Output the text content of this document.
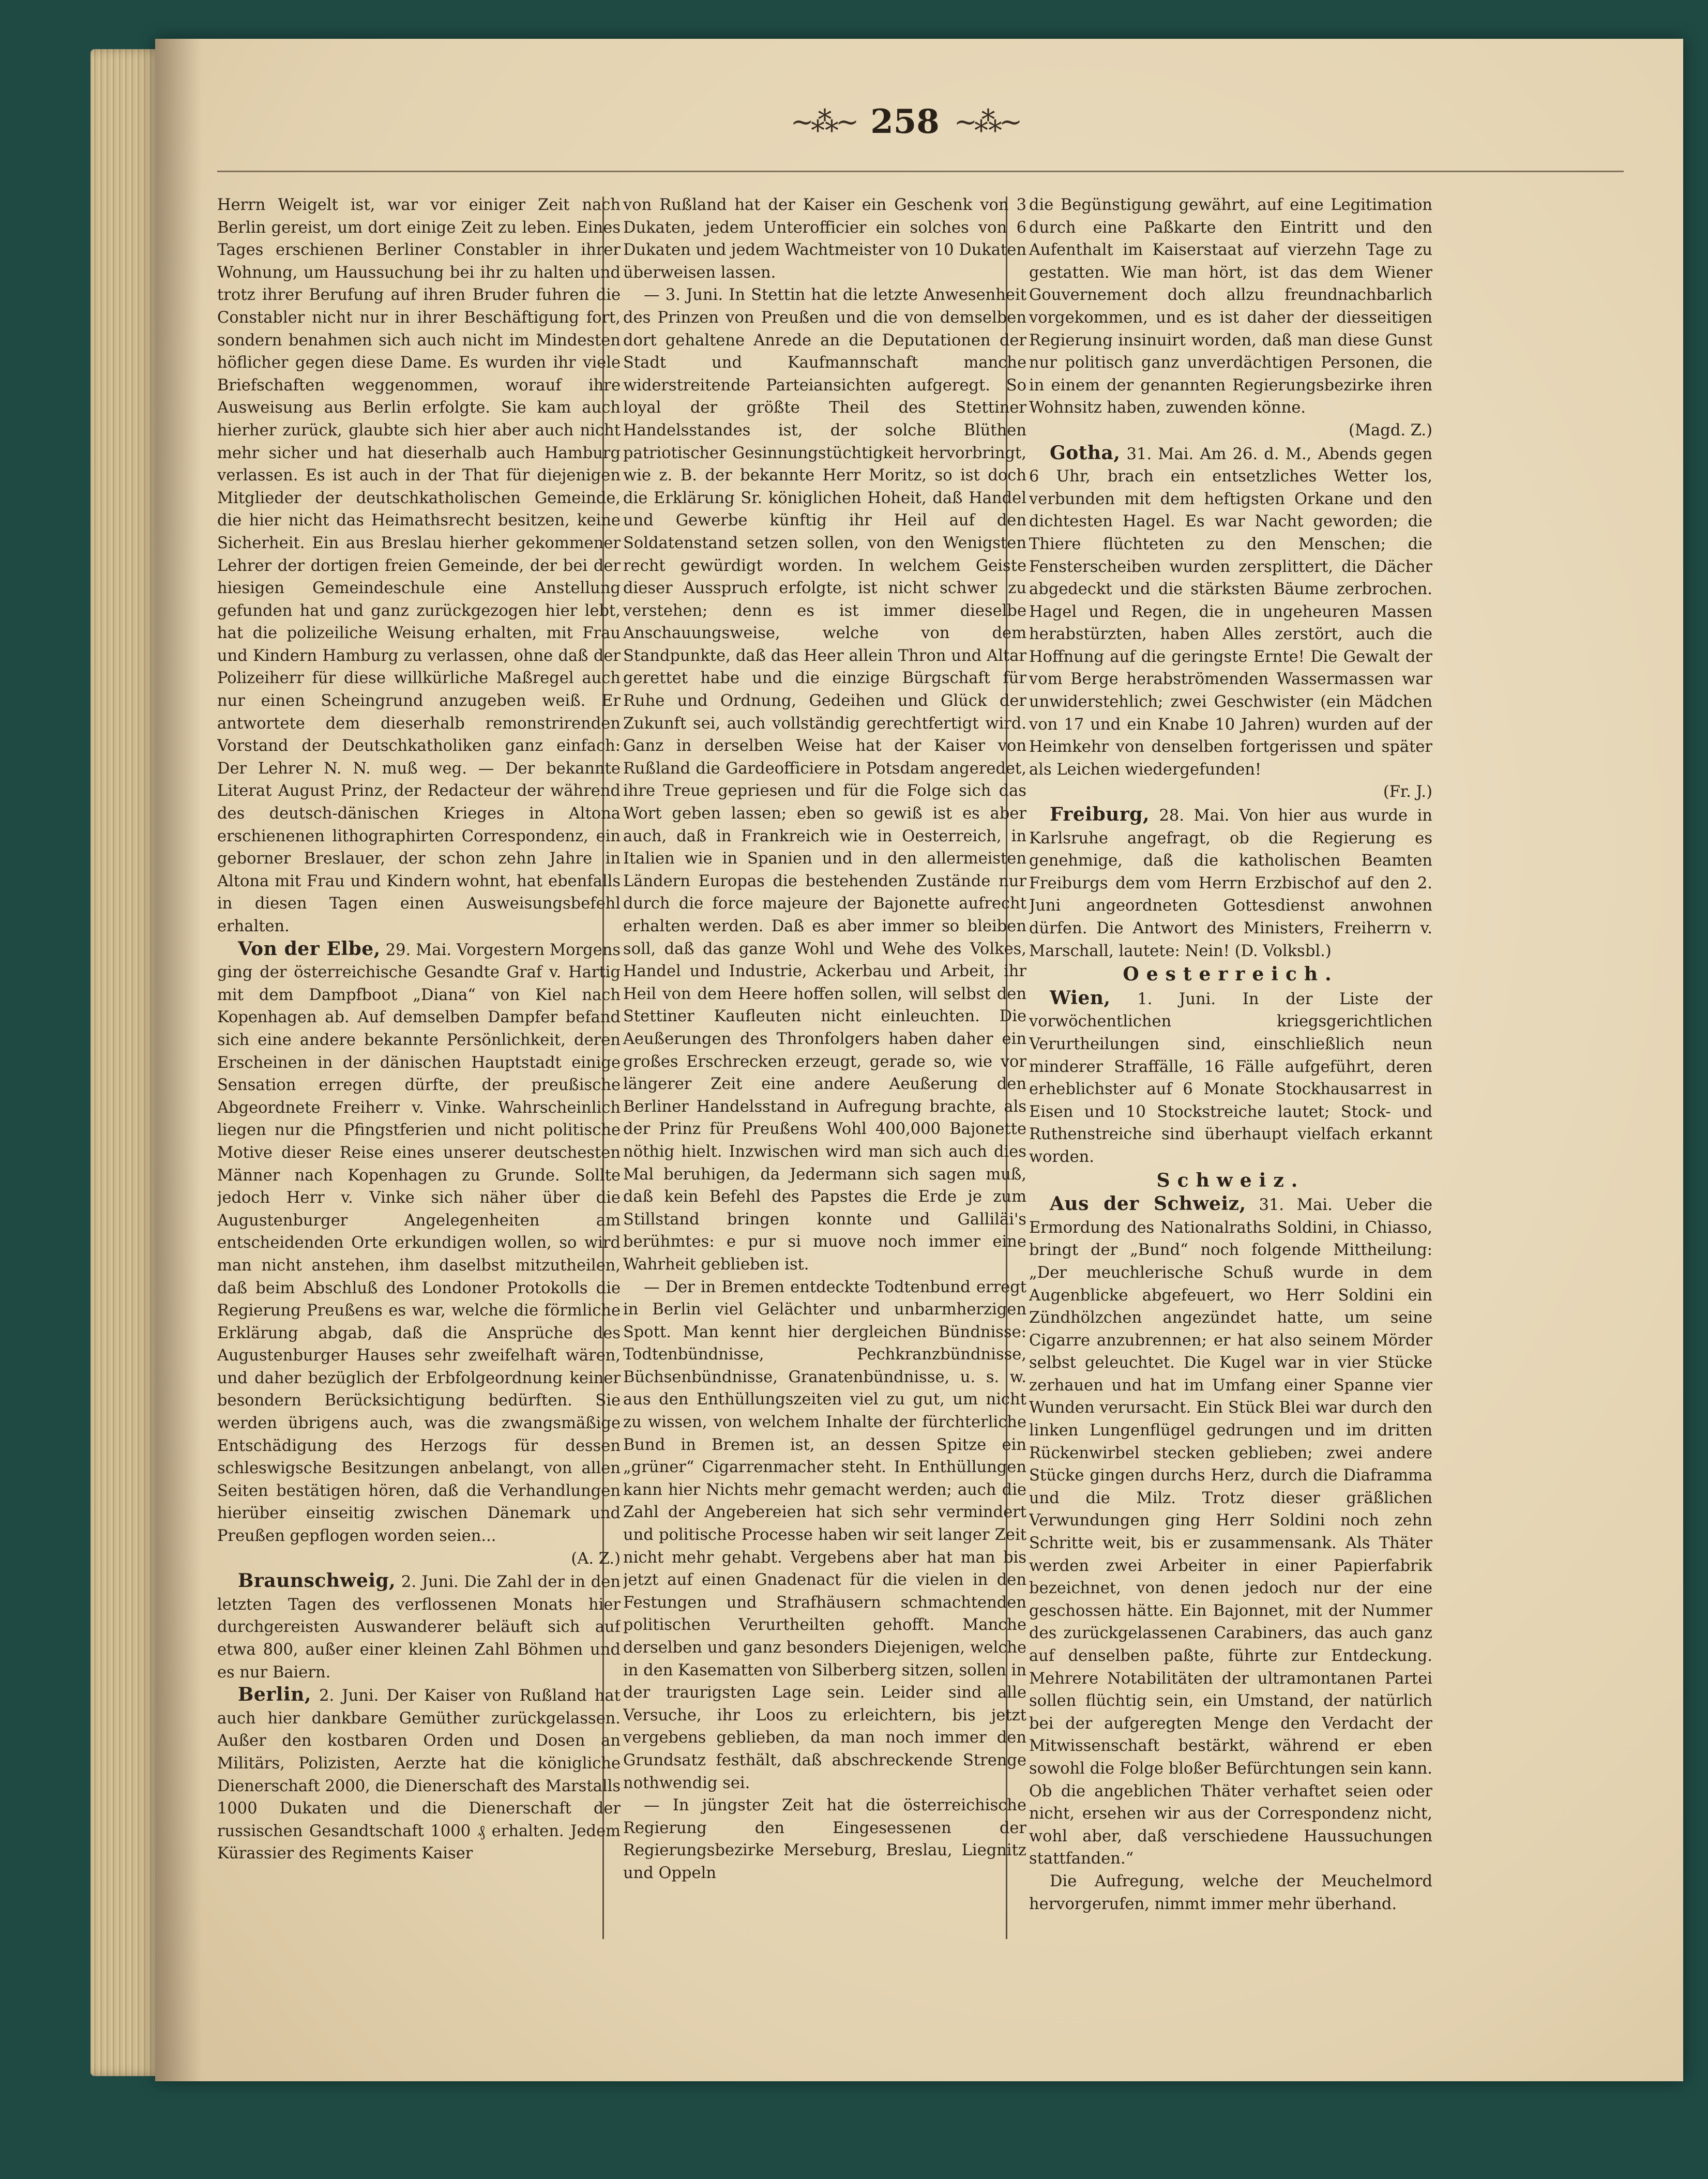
~⁂~ 258 ~⁂~

Herrn Weigelt ist, war vor einiger Zeit nach Berlin gereist, um dort einige Zeit zu leben. Eines Tages erschienen Berliner Constabler in ihrer Wohnung, um Haussuchung bei ihr zu halten und trotz ihrer Berufung auf ihren Bruder fuhren die Constabler nicht nur in ihrer Beschäftigung fort, sondern benahmen sich auch nicht im Mindesten höflicher gegen diese Dame. Es wurden ihr viele Briefschaften weggenommen, worauf ihre Ausweisung aus Berlin erfolgte. Sie kam auch hierher zurück, glaubte sich hier aber auch nicht mehr sicher und hat dieserhalb auch Hamburg verlassen. Es ist auch in der That für diejenigen Mitglieder der deutschkatholischen Gemeinde, die hier nicht das Heimathsrecht besitzen, keine Sicherheit. Ein aus Breslau hierher gekommener Lehrer der dortigen freien Gemeinde, der bei der hiesigen Gemeindeschule eine Anstellung gefunden hat und ganz zurückgezogen hier lebt, hat die polizeiliche Weisung erhalten, mit Frau und Kindern Hamburg zu verlassen, ohne daß der Polizeiherr für diese willkürliche Maßregel auch nur einen Scheingrund anzugeben weiß. Er antwortete dem dieserhalb remonstrirenden Vorstand der Deutschkatholiken ganz einfach: Der Lehrer N. N. muß weg. — Der bekannte Literat August Prinz, der Redacteur der während des deutsch-dänischen Krieges in Altona erschienenen lithographirten Correspondenz, ein geborner Breslauer, der schon zehn Jahre in Altona mit Frau und Kindern wohnt, hat ebenfalls in diesen Tagen einen Ausweisungsbefehl erhalten.

Von der Elbe, 29. Mai. Vorgestern Morgens ging der österreichische Gesandte Graf v. Hartig mit dem Dampfboot „Diana“ von Kiel nach Kopenhagen ab. Auf demselben Dampfer befand sich eine andere bekannte Persönlichkeit, deren Erscheinen in der dänischen Hauptstadt einige Sensation erregen dürfte, der preußische Abgeordnete Freiherr v. Vinke. Wahrscheinlich liegen nur die Pfingstferien und nicht politische Motive dieser Reise eines unserer deutschesten Männer nach Kopenhagen zu Grunde. Sollte jedoch Herr v. Vinke sich näher über die Augustenburger Angelegenheiten am entscheidenden Orte erkundigen wollen, so wird man nicht anstehen, ihm daselbst mitzutheilen, daß beim Abschluß des Londoner Protokolls die Regierung Preußens es war, welche die förmliche Erklärung abgab, daß die Ansprüche des Augustenburger Hauses sehr zweifelhaft wären, und daher bezüglich der Erbfolgeordnung keiner besondern Berücksichtigung bedürften. Sie werden übrigens auch, was die zwangsmäßige Entschädigung des Herzogs für dessen schleswigsche Besitzungen anbelangt, von allen Seiten bestätigen hören, daß die Verhandlungen hierüber einseitig zwischen Dänemark und Preußen gepflogen worden seien...
(A. Z.)

Braunschweig, 2. Juni. Die Zahl der in den letzten Tagen des verflossenen Monats hier durchgereisten Auswanderer beläuft sich auf etwa 800, außer einer kleinen Zahl Böhmen und es nur Baiern.

Berlin, 2. Juni. Der Kaiser von Rußland hat auch hier dankbare Gemüther zurückgelassen. Außer den kostbaren Orden und Dosen an Militärs, Polizisten, Aerzte hat die königliche Dienerschaft 2000, die Dienerschaft des Marstalls 1000 Dukaten und die Dienerschaft der russischen Gesandtschaft 1000 ₰ erhalten. Jedem Kürassier des Regiments Kaiser

von Rußland hat der Kaiser ein Geschenk von 3 Dukaten, jedem Unterofficier ein solches von 6 Dukaten und jedem Wachtmeister von 10 Dukaten überweisen lassen.

— 3. Juni. In Stettin hat die letzte Anwesenheit des Prinzen von Preußen und die von demselben dort gehaltene Anrede an die Deputationen der Stadt und Kaufmannschaft manche widerstreitende Parteiansichten aufgeregt. So loyal der größte Theil des Stettiner Handelsstandes ist, der solche Blüthen patriotischer Gesinnungstüchtigkeit hervorbringt, wie z. B. der bekannte Herr Moritz, so ist doch die Erklärung Sr. königlichen Hoheit, daß Handel und Gewerbe künftig ihr Heil auf den Soldatenstand setzen sollen, von den Wenigsten recht gewürdigt worden. In welchem Geiste dieser Ausspruch erfolgte, ist nicht schwer zu verstehen; denn es ist immer dieselbe Anschauungsweise, welche von dem Standpunkte, daß das Heer allein Thron und Altar gerettet habe und die einzige Bürgschaft für Ruhe und Ordnung, Gedeihen und Glück der Zukunft sei, auch vollständig gerechtfertigt wird. Ganz in derselben Weise hat der Kaiser von Rußland die Gardeofficiere in Potsdam angeredet, ihre Treue gepriesen und für die Folge sich das Wort geben lassen; eben so gewiß ist es aber auch, daß in Frankreich wie in Oesterreich, in Italien wie in Spanien und in den allermeisten Ländern Europas die bestehenden Zustände nur durch die force majeure der Bajonette aufrecht erhalten werden. Daß es aber immer so bleiben soll, daß das ganze Wohl und Wehe des Volkes, Handel und Industrie, Ackerbau und Arbeit, ihr Heil von dem Heere hoffen sollen, will selbst den Stettiner Kaufleuten nicht einleuchten. Die Aeußerungen des Thronfolgers haben daher ein großes Erschrecken erzeugt, gerade so, wie vor längerer Zeit eine andere Aeußerung den Berliner Handelsstand in Aufregung brachte, als der Prinz für Preußens Wohl 400,000 Bajonette nöthig hielt. Inzwischen wird man sich auch dies Mal beruhigen, da Jedermann sich sagen muß, daß kein Befehl des Papstes die Erde je zum Stillstand bringen konnte und Galliläi's berühmtes: e pur si muove noch immer eine Wahrheit geblieben ist.

— Der in Bremen entdeckte Todtenbund erregt in Berlin viel Gelächter und unbarmherzigen Spott. Man kennt hier dergleichen Bündnisse: Todtenbündnisse, Pechkranzbündnisse, Büchsenbündnisse, Granatenbündnisse, u. s. w. aus den Enthüllungszeiten viel zu gut, um nicht zu wissen, von welchem Inhalte der fürchterliche Bund in Bremen ist, an dessen Spitze ein „grüner“ Cigarrenmacher steht. In Enthüllungen kann hier Nichts mehr gemacht werden; auch die Zahl der Angebereien hat sich sehr vermindert und politische Processe haben wir seit langer Zeit nicht mehr gehabt. Vergebens aber hat man bis jetzt auf einen Gnadenact für die vielen in den Festungen und Strafhäusern schmachtenden politischen Verurtheilten gehofft. Manche derselben und ganz besonders Diejenigen, welche in den Kasematten von Silberberg sitzen, sollen in der traurigsten Lage sein. Leider sind alle Versuche, ihr Loos zu erleichtern, bis jetzt vergebens geblieben, da man noch immer den Grundsatz festhält, daß abschreckende Strenge nothwendig sei.

— In jüngster Zeit hat die österreichische Regierung den Eingesessenen der Regierungsbezirke Merseburg, Breslau, Liegnitz und Oppeln

die Begünstigung gewährt, auf eine Legitimation durch eine Paßkarte den Eintritt und den Aufenthalt im Kaiserstaat auf vierzehn Tage zu gestatten. Wie man hört, ist das dem Wiener Gouvernement doch allzu freundnachbarlich vorgekommen, und es ist daher der diesseitigen Regierung insinuirt worden, daß man diese Gunst nur politisch ganz unverdächtigen Personen, die in einem der genannten Regierungsbezirke ihren Wohnsitz haben, zuwenden könne.
(Magd. Z.)

Gotha, 31. Mai. Am 26. d. M., Abends gegen 6 Uhr, brach ein entsetzliches Wetter los, verbunden mit dem heftigsten Orkane und den dichtesten Hagel. Es war Nacht geworden; die Thiere flüchteten zu den Menschen; die Fensterscheiben wurden zersplittert, die Dächer abgedeckt und die stärksten Bäume zerbrochen. Hagel und Regen, die in ungeheuren Massen herabstürzten, haben Alles zerstört, auch die Hoffnung auf die geringste Ernte! Die Gewalt der vom Berge herabströmenden Wassermassen war unwiderstehlich; zwei Geschwister (ein Mädchen von 17 und ein Knabe 10 Jahren) wurden auf der Heimkehr von denselben fortgerissen und später als Leichen wiedergefunden!
(Fr. J.)

Freiburg, 28. Mai. Von hier aus wurde in Karlsruhe angefragt, ob die Regierung es genehmige, daß die katholischen Beamten Freiburgs dem vom Herrn Erzbischof auf den 2. Juni angeordneten Gottesdienst anwohnen dürfen. Die Antwort des Ministers, Freiherrn v. Marschall, lautete: Nein! (D. Volksbl.)

Oesterreich.

Wien, 1. Juni. In der Liste der vorwöchentlichen kriegsgerichtlichen Verurtheilungen sind, einschließlich neun minderer Straffälle, 16 Fälle aufgeführt, deren erheblichster auf 6 Monate Stockhausarrest in Eisen und 10 Stockstreiche lautet; Stock- und Ruthenstreiche sind überhaupt vielfach erkannt worden.

Schweiz.

Aus der Schweiz, 31. Mai. Ueber die Ermordung des Nationalraths Soldini, in Chiasso, bringt der „Bund“ noch folgende Mittheilung: „Der meuchlerische Schuß wurde in dem Augenblicke abgefeuert, wo Herr Soldini ein Zündhölzchen angezündet hatte, um seine Cigarre anzubrennen; er hat also seinem Mörder selbst geleuchtet. Die Kugel war in vier Stücke zerhauen und hat im Umfang einer Spanne vier Wunden verursacht. Ein Stück Blei war durch den linken Lungenflügel gedrungen und im dritten Rückenwirbel stecken geblieben; zwei andere Stücke gingen durchs Herz, durch die Diaframma und die Milz. Trotz dieser gräßlichen Verwundungen ging Herr Soldini noch zehn Schritte weit, bis er zusammensank. Als Thäter werden zwei Arbeiter in einer Papierfabrik bezeichnet, von denen jedoch nur der eine geschossen hätte. Ein Bajonnet, mit der Nummer des zurückgelassenen Carabiners, das auch ganz auf denselben paßte, führte zur Entdeckung. Mehrere Notabilitäten der ultramontanen Partei sollen flüchtig sein, ein Umstand, der natürlich bei der aufgeregten Menge den Verdacht der Mitwissenschaft bestärkt, während er eben sowohl die Folge bloßer Befürchtungen sein kann. Ob die angeblichen Thäter verhaftet seien oder nicht, ersehen wir aus der Correspondenz nicht, wohl aber, daß verschiedene Haussuchungen stattfanden.“

Die Aufregung, welche der Meuchelmord hervorgerufen, nimmt immer mehr überhand.
